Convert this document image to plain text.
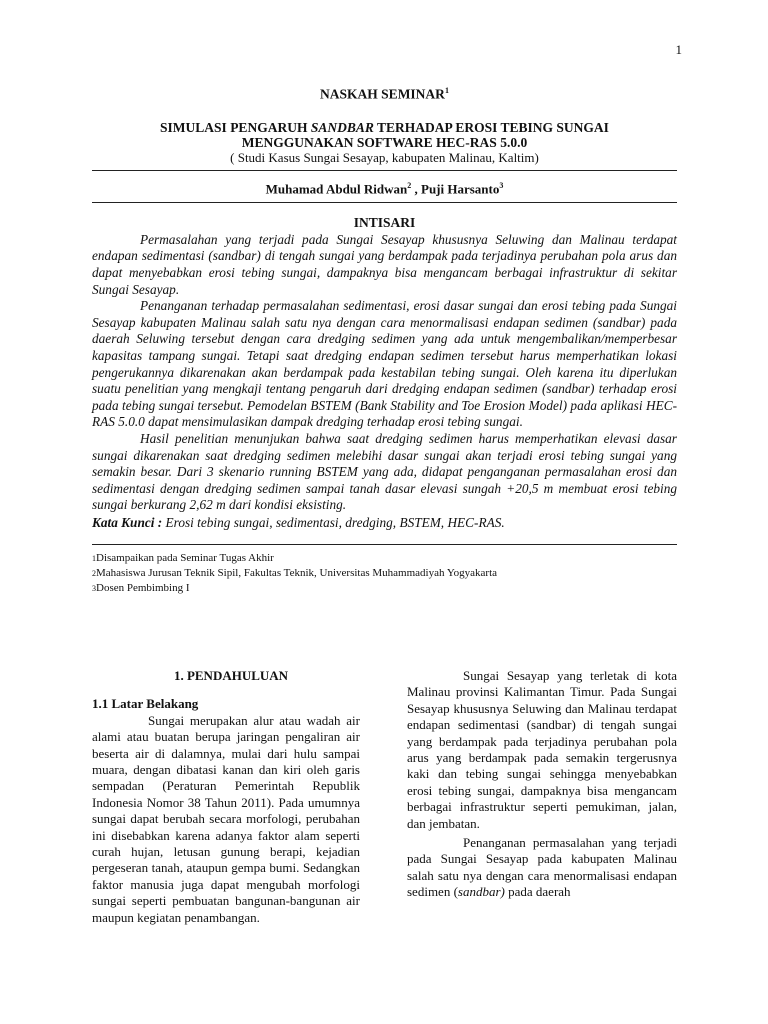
1
NASKAH SEMINAR$^1$
SIMULASI PENGARUH SANDBAR TERHADAP EROSI TEBING SUNGAI
MENGGUNAKAN SOFTWARE HEC-RAS 5.0.0
( Studi Kasus Sungai Sesayap, kabupaten Malinau, Kaltim)
Muhamad Abdul Ridwan$^2$ , Puji Harsanto$^3$
INTISARI

Permasalahan yang terjadi pada Sungai Sesayap khususnya Seluwing dan Malinau terdapat endapan sedimentasi (sandbar) di tengah sungai yang berdampak pada terjadinya perubahan pola arus dan dapat menyebabkan erosi tebing sungai, dampaknya bisa mengancam berbagai infrastruktur di sekitar Sungai Sesayap.

Penanganan terhadap permasalahan sedimentasi, erosi dasar sungai dan erosi tebing pada Sungai Sesayap kabupaten Malinau salah satu nya dengan cara menormalisasi endapan sedimen (sandbar) pada daerah Seluwing tersebut dengan cara dredging sedimen yang ada untuk mengembalikan/memperbesar kapasitas tampang sungai. Tetapi saat dredging endapan sedimen tersebut harus memperhatikan lokasi pengerukannya dikarenakan akan berdampak pada kestabilan tebing sungai. Oleh karena itu diperlukan suatu penelitian yang mengkaji tentang pengaruh dari dredging endapan sedimen (sandbar) terhadap erosi pada tebing sungai tersebut. Pemodelan BSTEM (Bank Stability and Toe Erosion Model) pada aplikasi HEC-RAS 5.0.0 dapat mensimulasikan dampak dredging terhadap erosi tebing sungai.

Hasil penelitian menunjukan bahwa saat dredging sedimen harus memperhatikan elevasi dasar sungai dikarenakan saat dredging sedimen melebihi dasar sungai akan terjadi erosi tebing sungai yang semakin besar. Dari 3 skenario running BSTEM yang ada, didapat penganganan permasalahan erosi dan sedimentasi dengan dredging sedimen sampai tanah dasar elevasi sungah +20,5 m membuat erosi tebing sungai berkurang 2,62 m dari kondisi eksisting.

Kata Kunci : Erosi tebing sungai, sedimentasi, dredging, BSTEM, HEC-RAS.
1Disampaikan pada Seminar Tugas Akhir
2Mahasiswa Jurusan Teknik Sipil, Fakultas Teknik, Universitas Muhammadiyah Yogyakarta
3Dosen Pembimbing I
1. PENDAHULUAN
1.1 Latar Belakang

Sungai merupakan alur atau wadah air alami atau buatan berupa jaringan pengaliran air beserta air di dalamnya, mulai dari hulu sampai muara, dengan dibatasi kanan dan kiri oleh garis sempadan (Peraturan Pemerintah Republik Indonesia Nomor 38 Tahun 2011). Pada umumnya sungai dapat berubah secara morfologi, perubahan ini disebabkan karena adanya faktor alam seperti curah hujan, letusan gunung berapi, kejadian pergeseran tanah, ataupun gempa bumi. Sedangkan faktor manusia juga dapat mengubah morfologi sungai seperti pembuatan bangunan-bangunan air maupun kegiatan penambangan.

Sungai Sesayap yang terletak di kota Malinau provinsi Kalimantan Timur. Pada Sungai Sesayap khususnya Seluwing dan Malinau terdapat endapan sedimentasi (sandbar) di tengah sungai yang berdampak pada terjadinya perubahan pola arus yang berdampak pada semakin tergerusnya kaki dan tebing sungai sehingga menyebabkan erosi tebing sungai, dampaknya bisa mengancam berbagai infrastruktur seperti pemukiman, jalan, dan jembatan.

Penanganan permasalahan yang terjadi pada Sungai Sesayap pada kabupaten Malinau salah satu nya dengan cara menormalisasi endapan sedimen (sandbar) pada daerah
